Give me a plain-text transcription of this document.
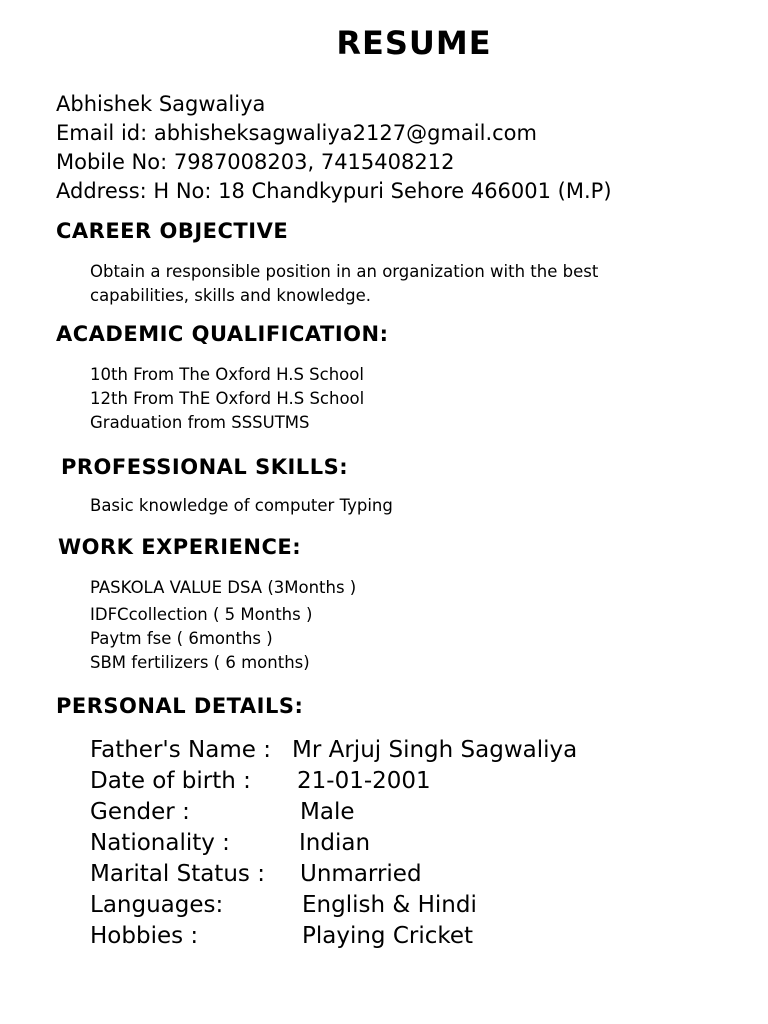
RESUME
Abhishek Sagwaliya
Email id: abhisheksagwaliya2127@gmail.com
Mobile No: 7987008203, 7415408212
Address: H No: 18 Chandkypuri Sehore 466001 (M.P)
CAREER OBJECTIVE
Obtain a responsible position in an organization with the best
capabilities, skills and knowledge.
ACADEMIC QUALIFICATION:
10th From The Oxford H.S School
12th From ThE Oxford H.S School
Graduation from SSSUTMS
PROFESSIONAL SKILLS:
Basic knowledge of computer Typing
WORK EXPERIENCE:
PASKOLA VALUE DSA (3Months )
IDFCcollection ( 5 Months )
Paytm fse ( 6months )
SBM fertilizers ( 6 months)
PERSONAL DETAILS:
Father's Name : Mr Arjuj Singh Sagwaliya
Date of birth : 21-01-2001
Gender :	Male
Nationality :	Indian
Marital Status : Unmarried
Languages:	English & Hindi
Hobbies :	Playing Cricket
